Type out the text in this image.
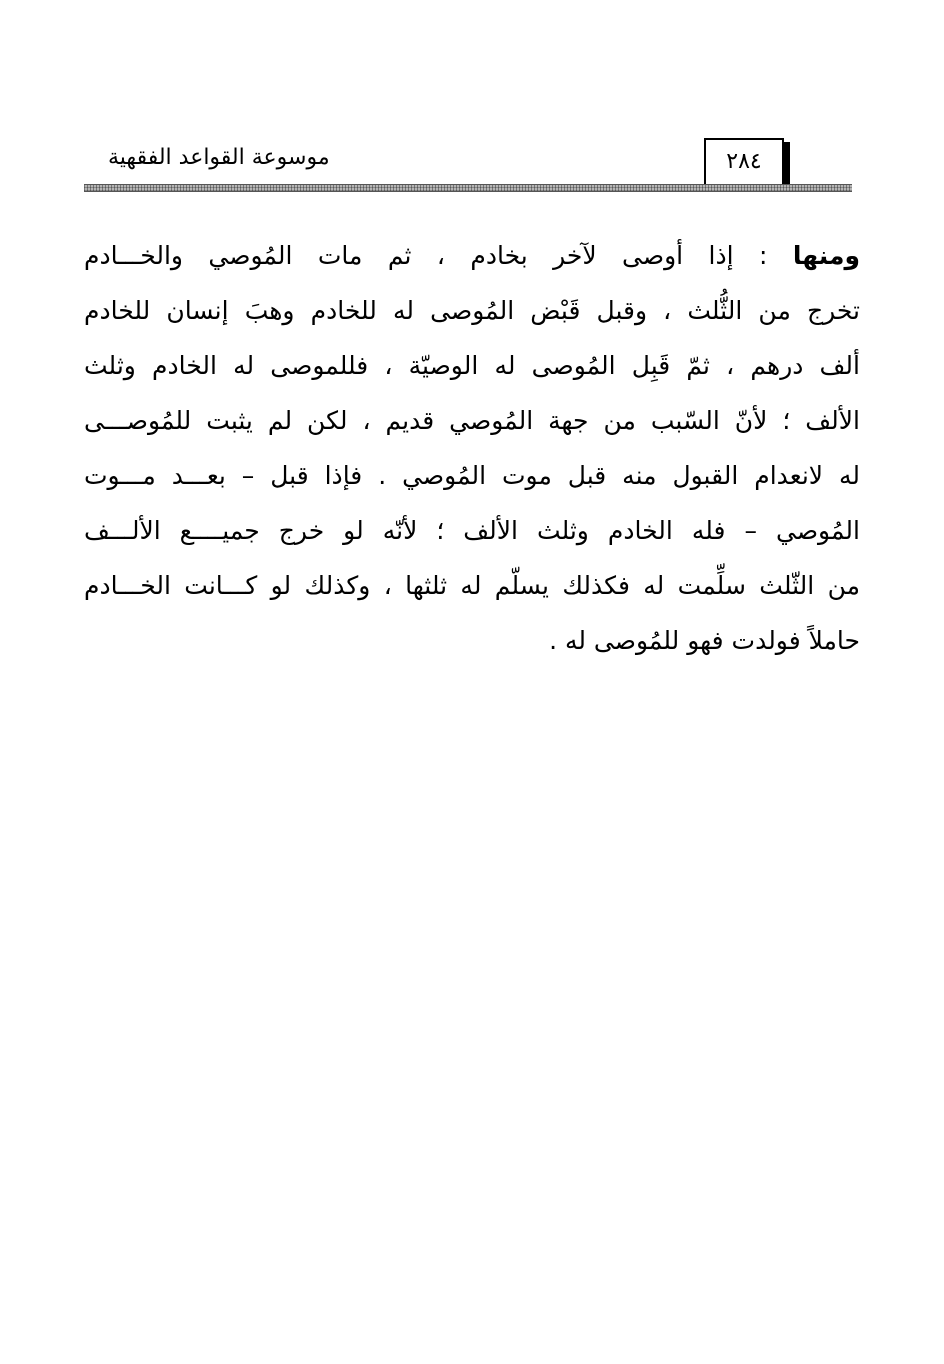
موسوعة القواعد الفقهية	٢٨٤
ومنها : إذا أوصى لآخر بخادم ، ثم مات المُوصي والخـــادم
تخرج من الثُّلث ، وقبل قَبْض المُوصى له للخادم وهبَ إنسان للخادم
ألف درهم ، ثمّ قَبِل المُوصى له الوصيّة ، فللموصى له الخادم وثلث
الألف ؛ لأنّ السّبب من جهة المُوصي قديم ، لكن لم يثبت للمُوصـــى
له لانعدام القبول منه قبل موت المُوصي . فإذا قبل – بعـــد مـــوت
المُوصي – فله الخادم وثلث الألف ؛ لأنّه لو خرج جميــــع الألـــف
من الثّلث سلِّمت له فكذلك يسلّم له ثلثها ، وكذلك لو كـــانت الخـــادم
حاملاً فولدت فهو للمُوصى له .
